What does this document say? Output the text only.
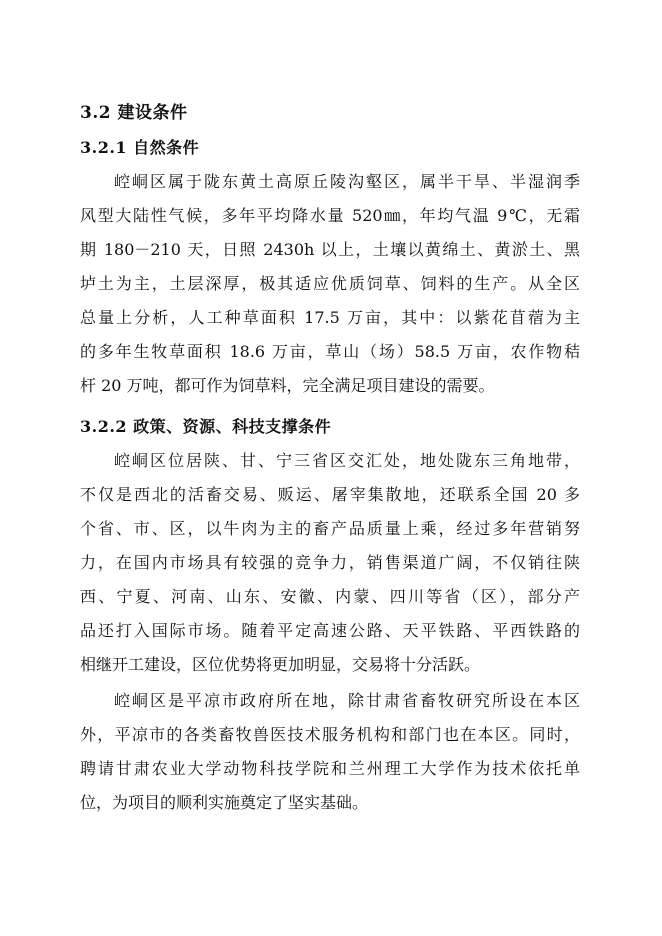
3.2 建设条件
3.2.1 自然条件
崆峒区属于陇东黄土高原丘陵沟壑区，属半干旱、半湿润季
风型大陆性气候，多年平均降水量 520㎜，年均气温 9℃，无霜
期 180－210 天，日照 2430h 以上，土壤以黄绵土、黄淤土、黑
垆土为主，土层深厚，极其适应优质饲草、饲料的生产。从全区
总量上分析，人工种草面积 17.5 万亩，其中：以紫花苜蓿为主
的多年生牧草面积 18.6 万亩，草山（场）58.5 万亩，农作物秸
杆 20 万吨，都可作为饲草料，完全满足项目建设的需要。
3.2.2 政策、资源、科技支撑条件
崆峒区位居陕、甘、宁三省区交汇处，地处陇东三角地带，
不仅是西北的活畜交易、贩运、屠宰集散地，还联系全国 20 多
个省、市、区，以牛肉为主的畜产品质量上乘，经过多年营销努
力，在国内市场具有较强的竞争力，销售渠道广阔，不仅销往陕
西、宁夏、河南、山东、安徽、内蒙、四川等省（区），部分产
品还打入国际市场。随着平定高速公路、天平铁路、平西铁路的
相继开工建设，区位优势将更加明显，交易将十分活跃。
崆峒区是平凉市政府所在地，除甘肃省畜牧研究所设在本区
外，平凉市的各类畜牧兽医技术服务机构和部门也在本区。同时，
聘请甘肃农业大学动物科技学院和兰州理工大学作为技术依托单
位，为项目的顺利实施奠定了坚实基础。
